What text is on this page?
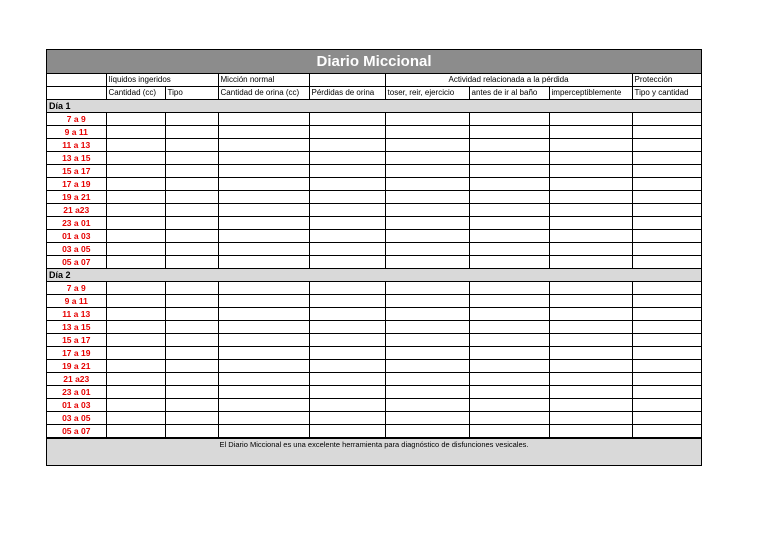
Diario Miccional
	líquidos ingeridos		Micción normal		Actividad relacionada a la pérdida			Protección
	Cantidad (cc)	Tipo	Cantidad de orina (cc)	Pérdidas de orina	toser, reir, ejercicio	antes de ir al baño	imperceptiblemente	Tipo y cantidad
Día 1								
7 a 9								
9 a 11								
11 a 13								
13 a 15								
15 a 17								
17 a 19								
19 a 21								
21 a23								
23 a 01								
01 a 03								
03 a 05								
05 a 07								
Día 2								
7 a 9								
9 a 11								
11 a 13								
13 a 15								
15 a 17								
17 a 19								
19 a 21								
21 a23								
23 a 01								
01 a 03								
03 a 05								
05 a 07								
El Diario Miccional es una excelente herramienta para diagnóstico de disfunciones vesicales.
